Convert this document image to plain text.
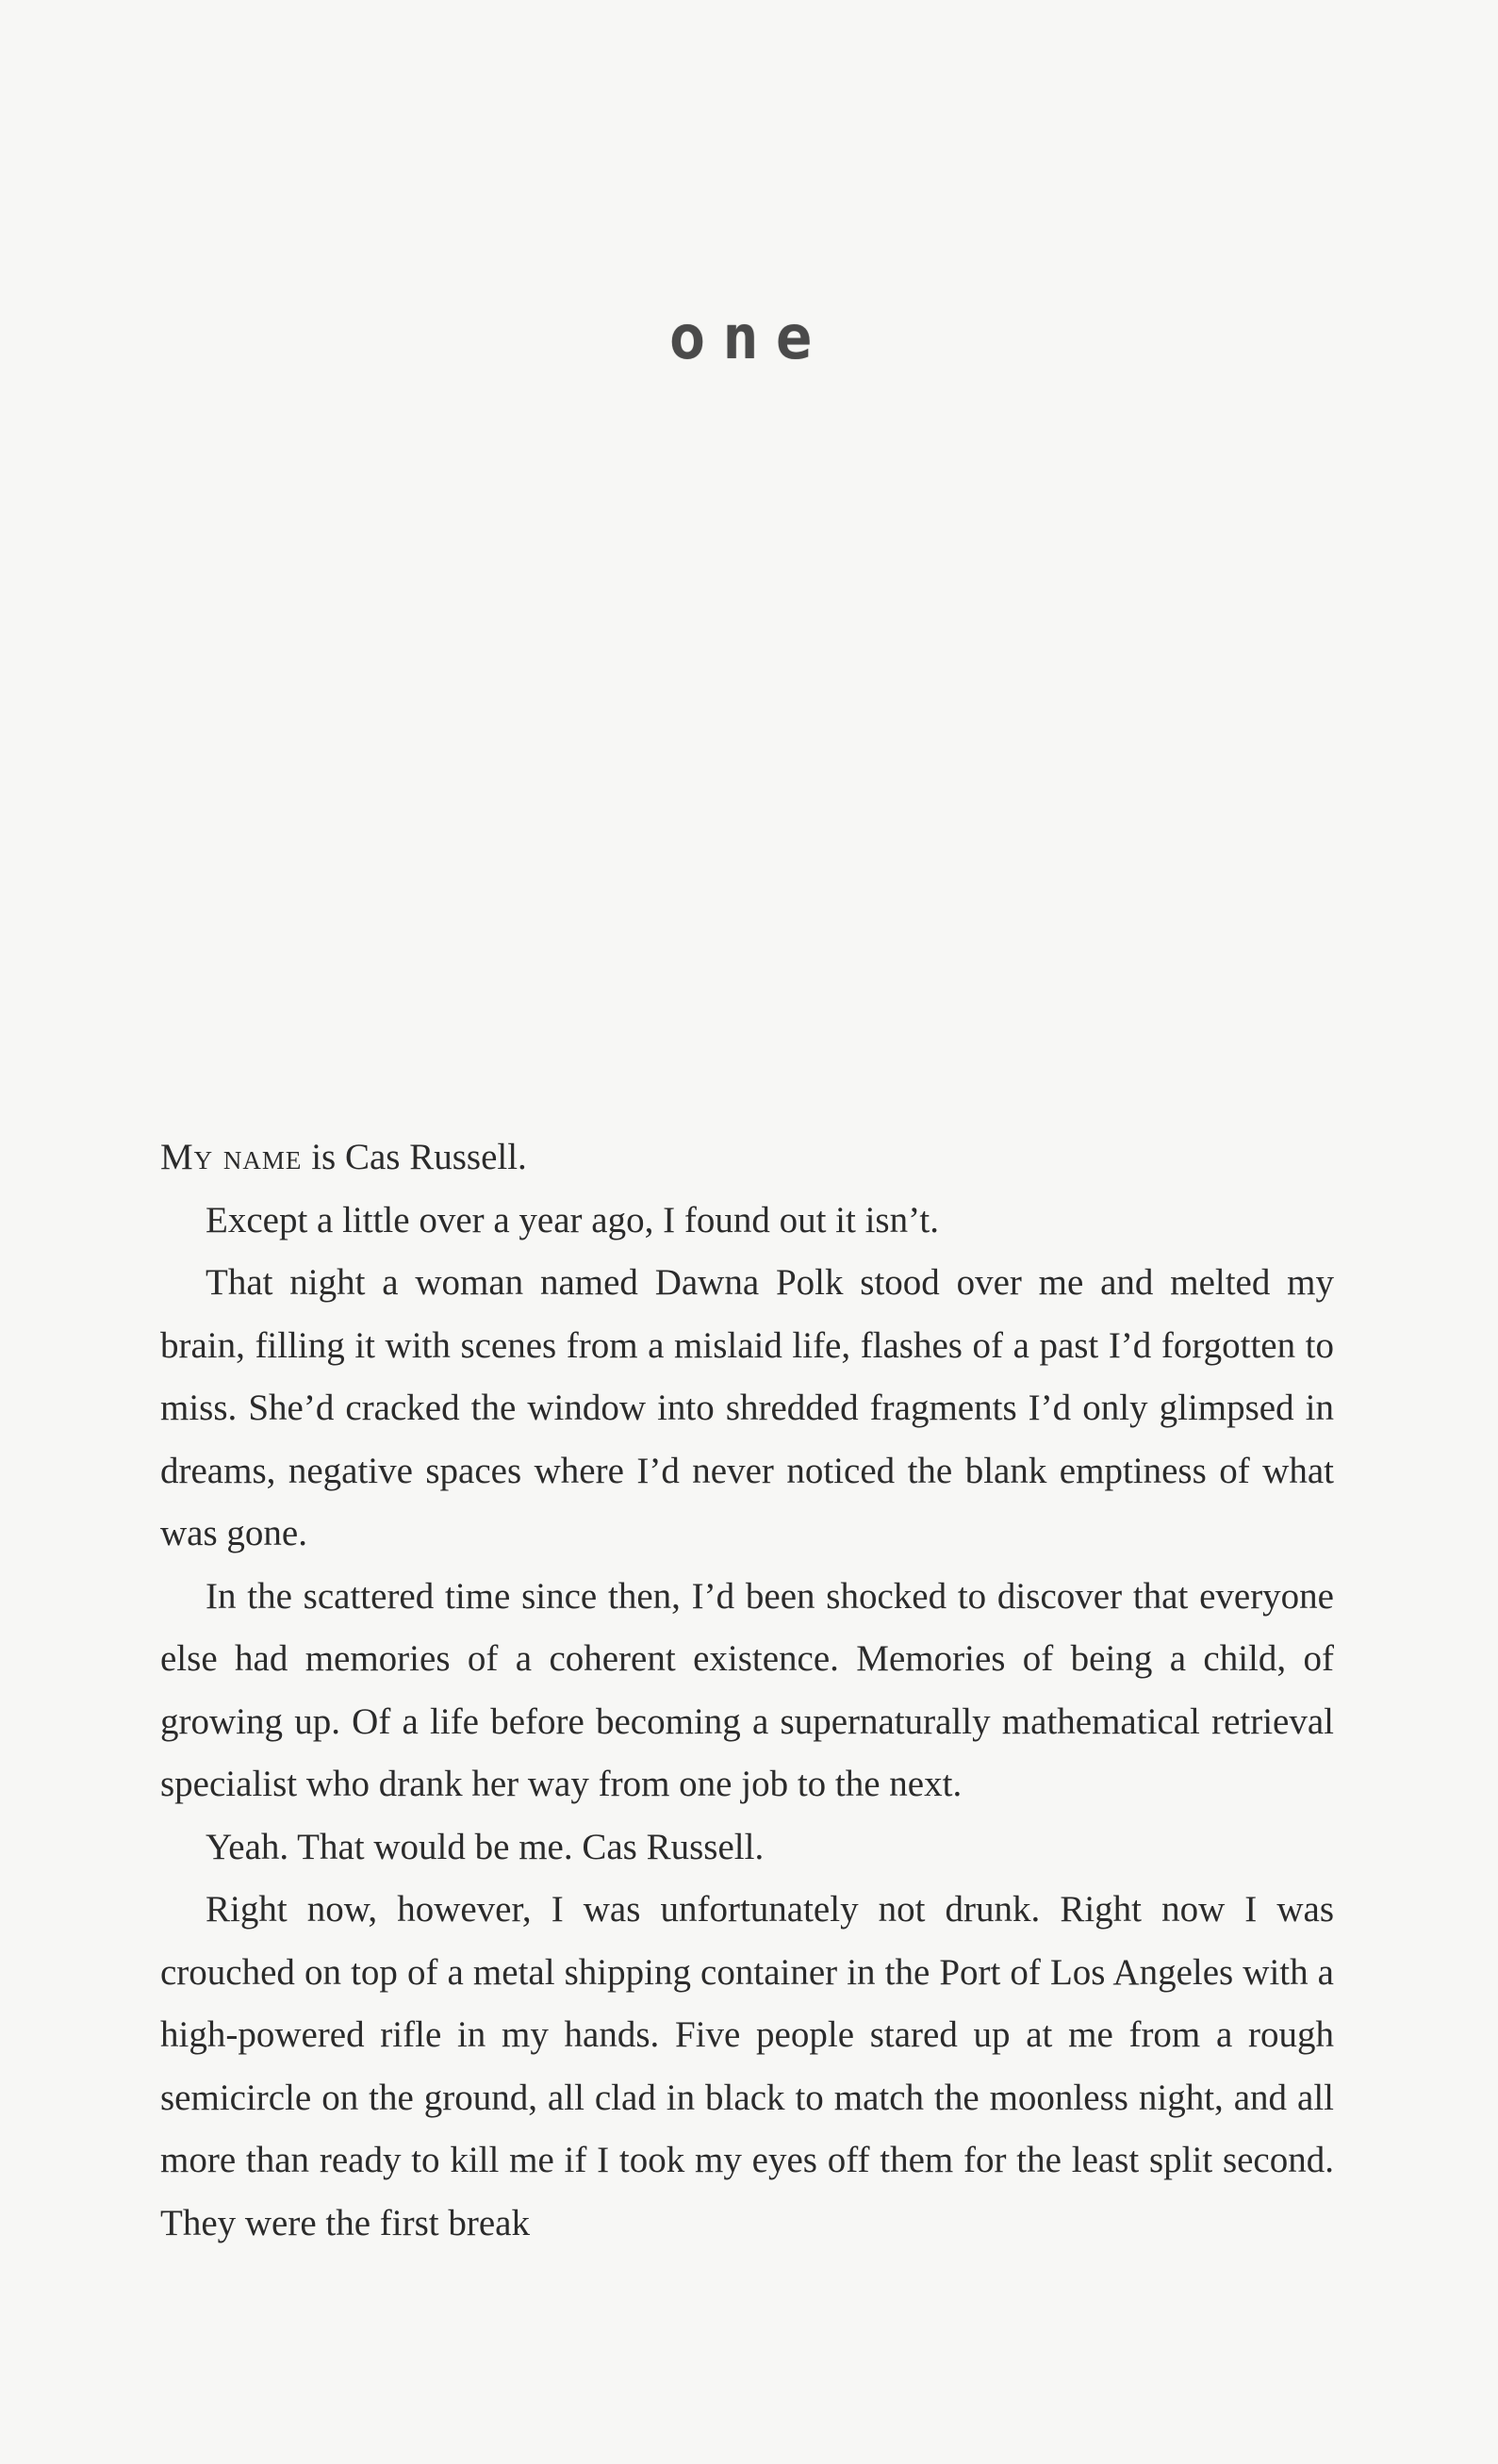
one

My name is Cas Russell.

Except a little over a year ago, I found out it isn’t.

That night a woman named Dawna Polk stood over me and melted my brain, filling it with scenes from a mislaid life, flashes of a past I’d forgotten to miss. She’d cracked the window into shredded fragments I’d only glimpsed in dreams, negative spaces where I’d never noticed the blank emptiness of what was gone.

In the scattered time since then, I’d been shocked to discover that everyone else had memories of a coherent existence. Memories of being a child, of growing up. Of a life before becoming a supernaturally mathematical retrieval specialist who drank her way from one job to the next.

Yeah. That would be me. Cas Russell.

Right now, however, I was unfortunately not drunk. Right now I was crouched on top of a metal shipping container in the Port of Los Angeles with a high-powered rifle in my hands. Five people stared up at me from a rough semicircle on the ground, all clad in black to match the moonless night, and all more than ready to kill me if I took my eyes off them for the least split second. They were the first break
